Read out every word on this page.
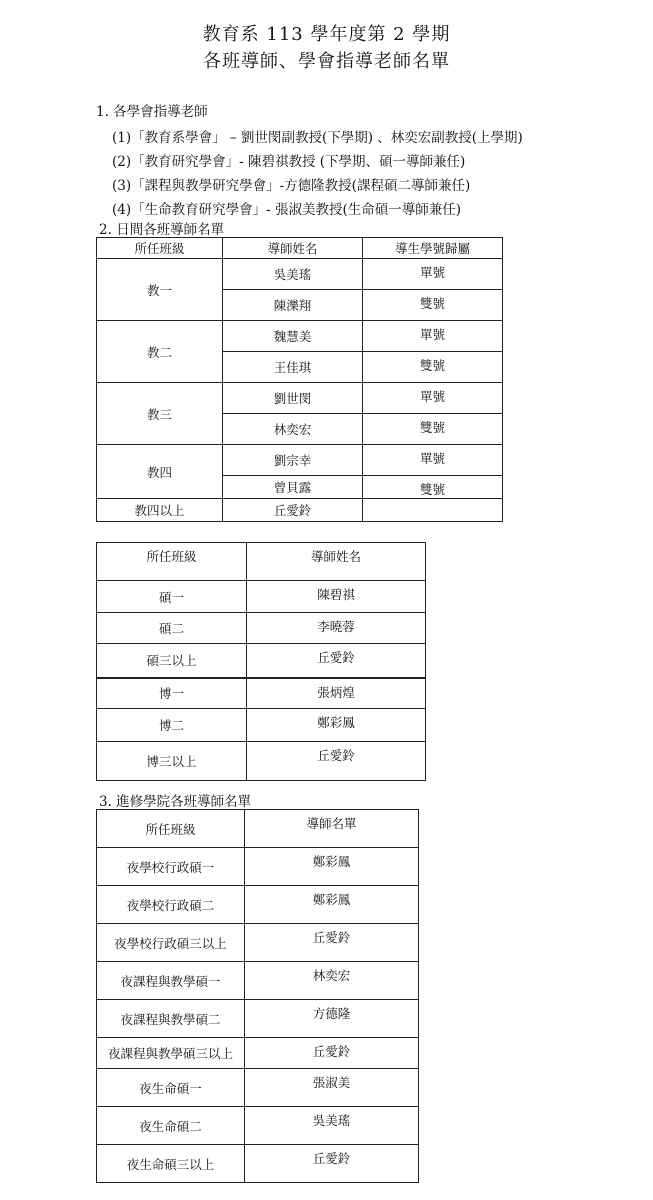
教育系 113 學年度第 2 學期
各班導師、學會指導老師名單
1. 各學會指導老師
(1)「教育系學會」 – 劉世閔副教授(下學期) 、林奕宏副教授(上學期)
(2)「教育研究學會」- 陳碧祺教授 (下學期、碩一導師兼任)
(3)「課程與教學研究學會」-方德隆教授(課程碩二導師兼任)
(4)「生命教育研究學會」- 張淑美教授(生命碩一導師兼任)
2. 日間各班導師名單
所任班級	導師姓名	導生學號歸屬
教一	吳美瑤	單號
	陳濼翔	雙號
教二	魏慧美	單號
	王佳琪	雙號
教三	劉世閔	單號
	林奕宏	雙號
教四	劉宗幸	單號
	曾貝露	雙號
教四以上	丘愛鈴	
所任班級	導師姓名
碩一	陳碧祺
碩二	李曉蓉
碩三以上	丘愛鈴
博一	張炳煌
博二	鄭彩鳳
博三以上	丘愛鈴
3. 進修學院各班導師名單
所任班級	導師名單
夜學校行政碩一	鄭彩鳳
夜學校行政碩二	鄭彩鳳
夜學校行政碩三以上	丘愛鈴
夜課程與教學碩一	林奕宏
夜課程與教學碩二	方德隆
夜課程與教學碩三以上	丘愛鈴
夜生命碩一	張淑美
夜生命碩二	吳美瑤
夜生命碩三以上	丘愛鈴
